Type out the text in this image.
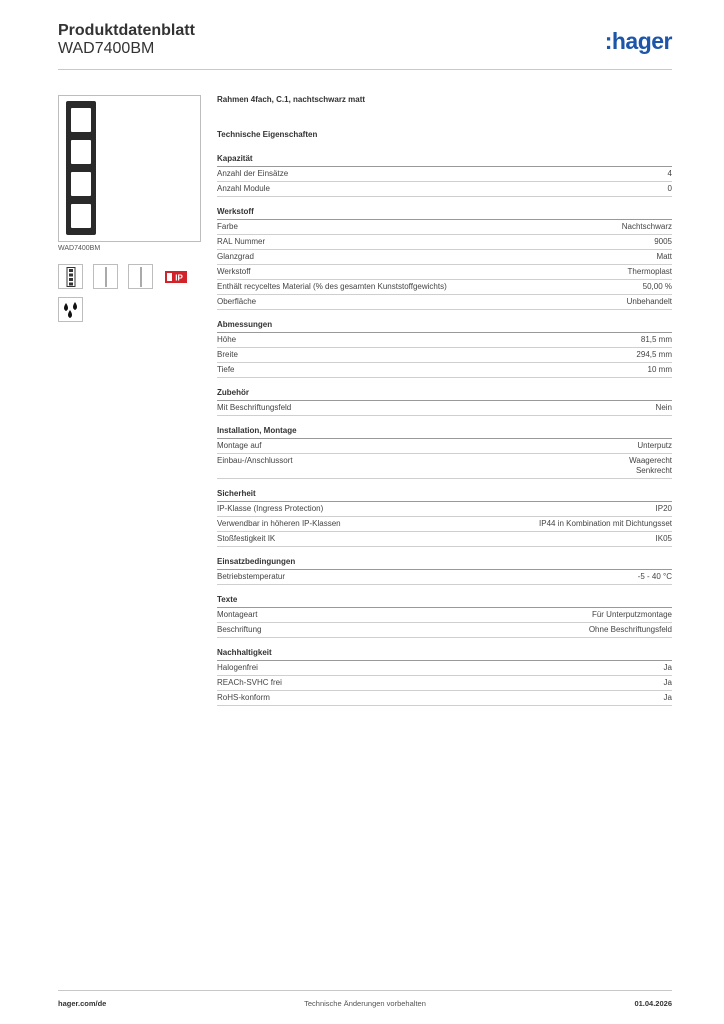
Produktdatenblatt
WAD7400BM	:hager
WAD7400BM
IP
Rahmen 4fach, C.1, nachtschwarz matt
Technische Eigenschaften
Kapazität
Anzahl der Einsätze	4
Anzahl Module	0
Werkstoff
Farbe	Nachtschwarz
RAL Nummer	9005
Glanzgrad	Matt
Werkstoff	Thermoplast
Enthält recyceltes Material (% des gesamten Kunststoffgewichts)	50,00 %
Oberfläche	Unbehandelt
Abmessungen
Höhe	81,5 mm
Breite	294,5 mm
Tiefe	10 mm
Zubehör
Mit Beschriftungsfeld	Nein
Installation, Montage
Montage auf	Unterputz
Einbau-/Anschlussort	Waagerecht
Senkrecht
Sicherheit
IP-Klasse (Ingress Protection)	IP20
Verwendbar in höheren IP-Klassen	IP44 in Kombination mit Dichtungsset
Stoßfestigkeit IK	IK05
Einsatzbedingungen
Betriebstemperatur	-5 - 40 °C
Texte
Montageart	Für Unterputzmontage
Beschriftung	Ohne Beschriftungsfeld
Nachhaltigkeit
Halogenfrei	Ja
REACh-SVHC frei	Ja
RoHS-konform	Ja
hager.com/de	Technische Änderungen vorbehalten	01.04.2026
